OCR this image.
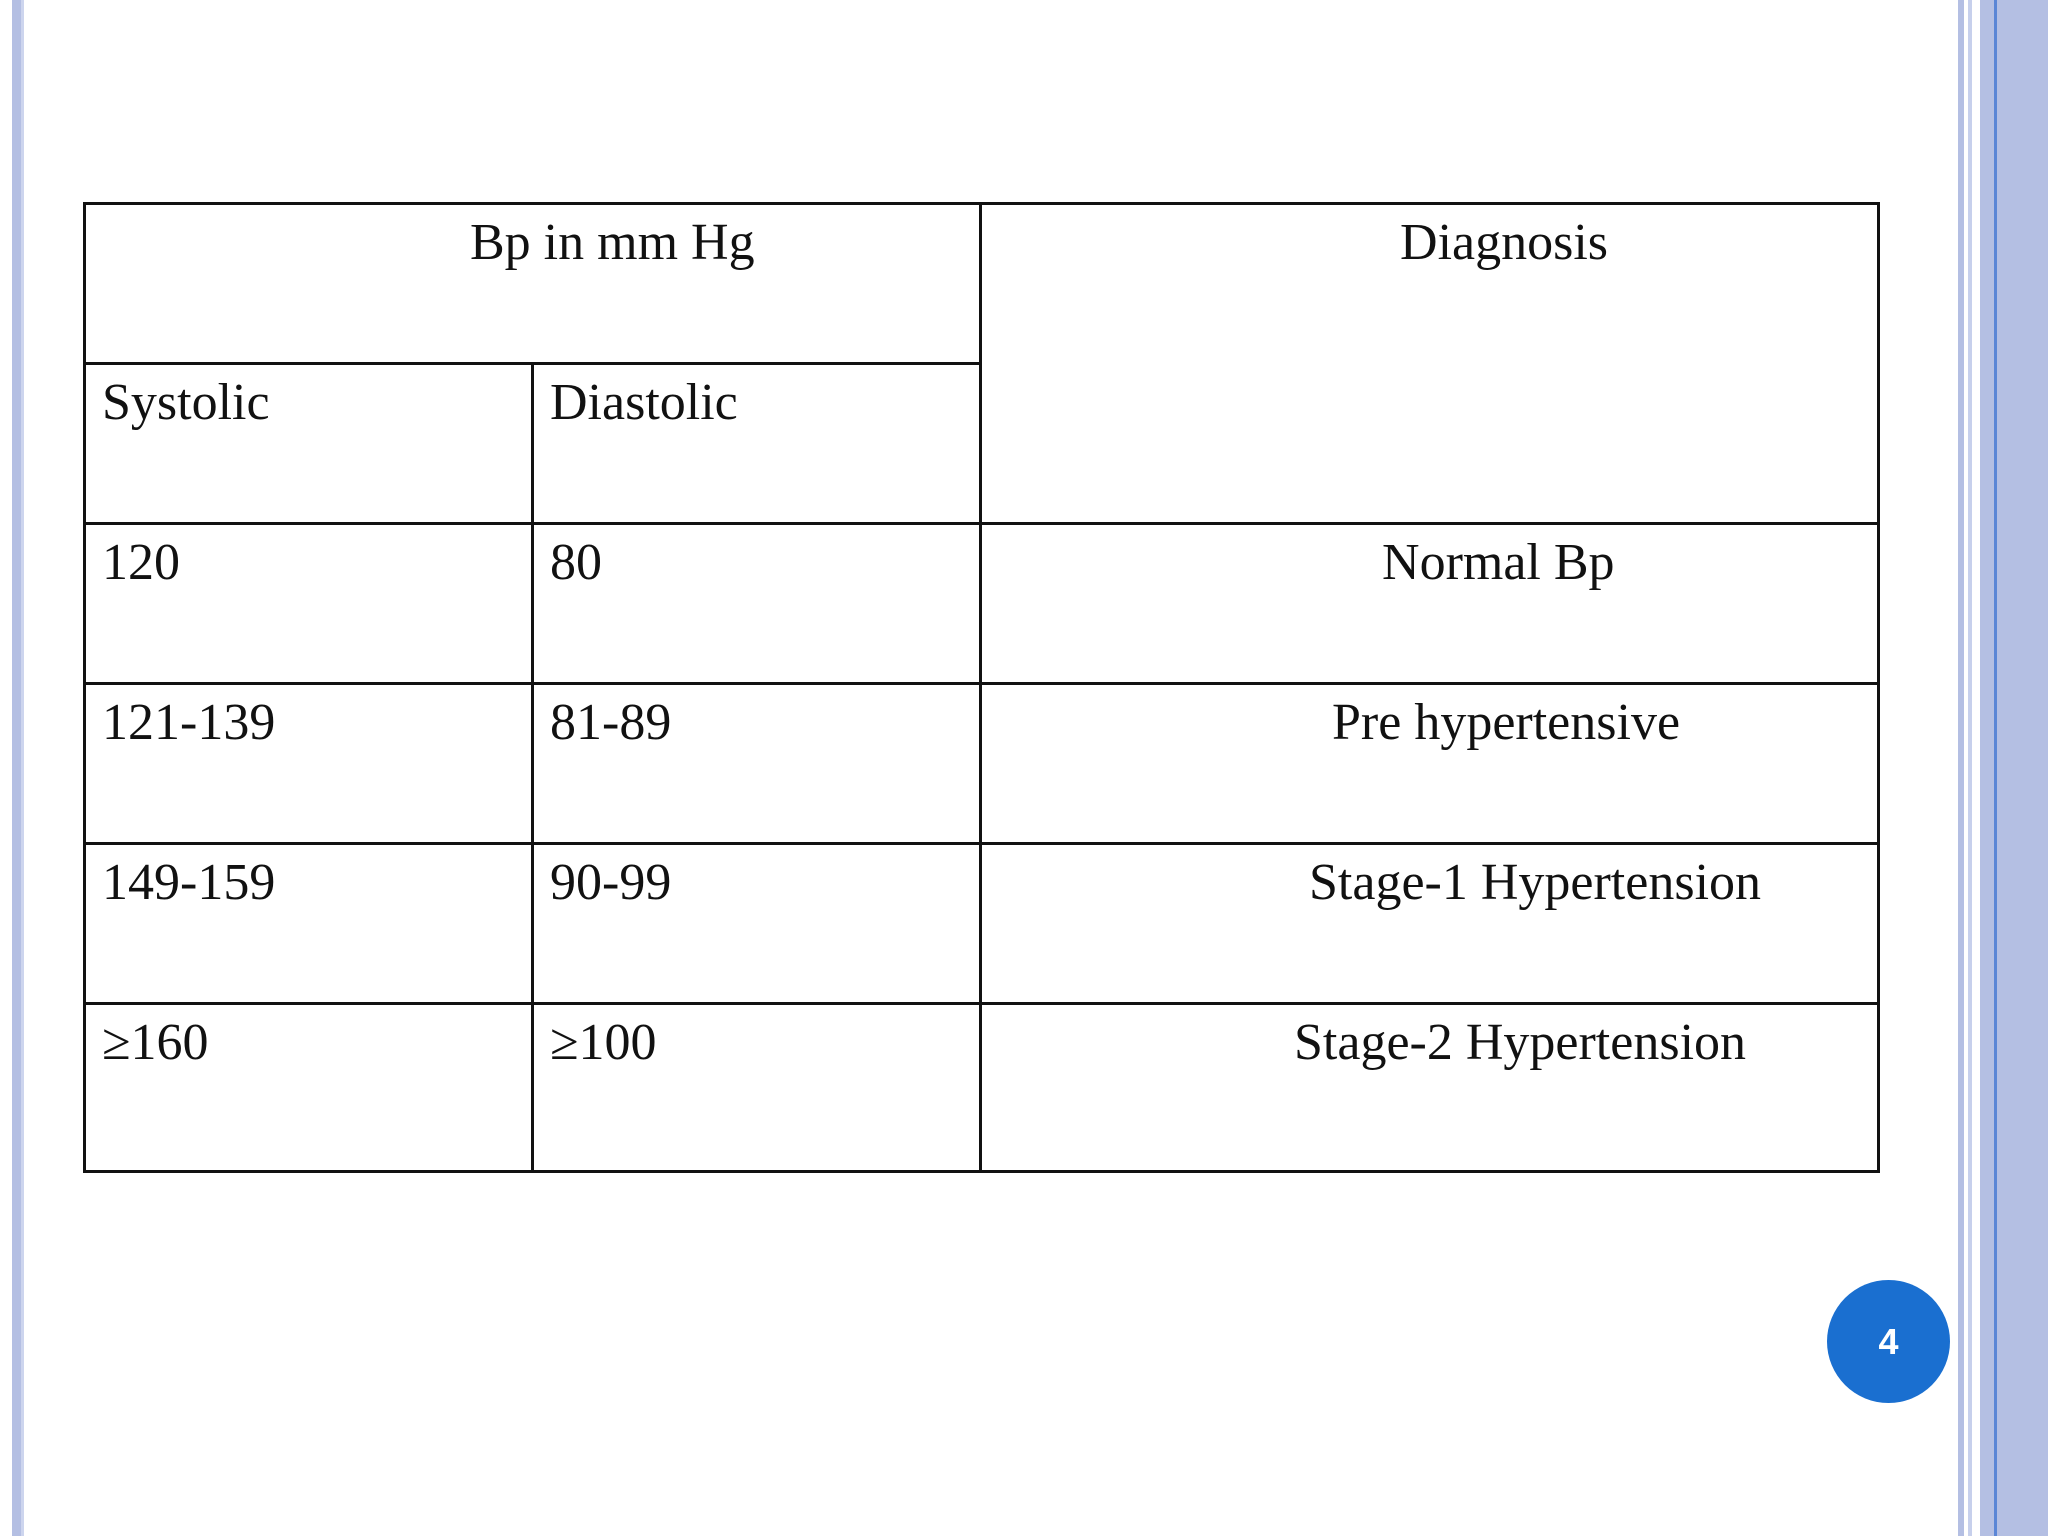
Bp in mm Hg		Diagnosis
Systolic	Diastolic	
120	80	Normal Bp
121-139	81-89	Pre hypertensive
149-159	90-99	Stage-1 Hypertension
≥160	≥100	Stage-2 Hypertension
4
